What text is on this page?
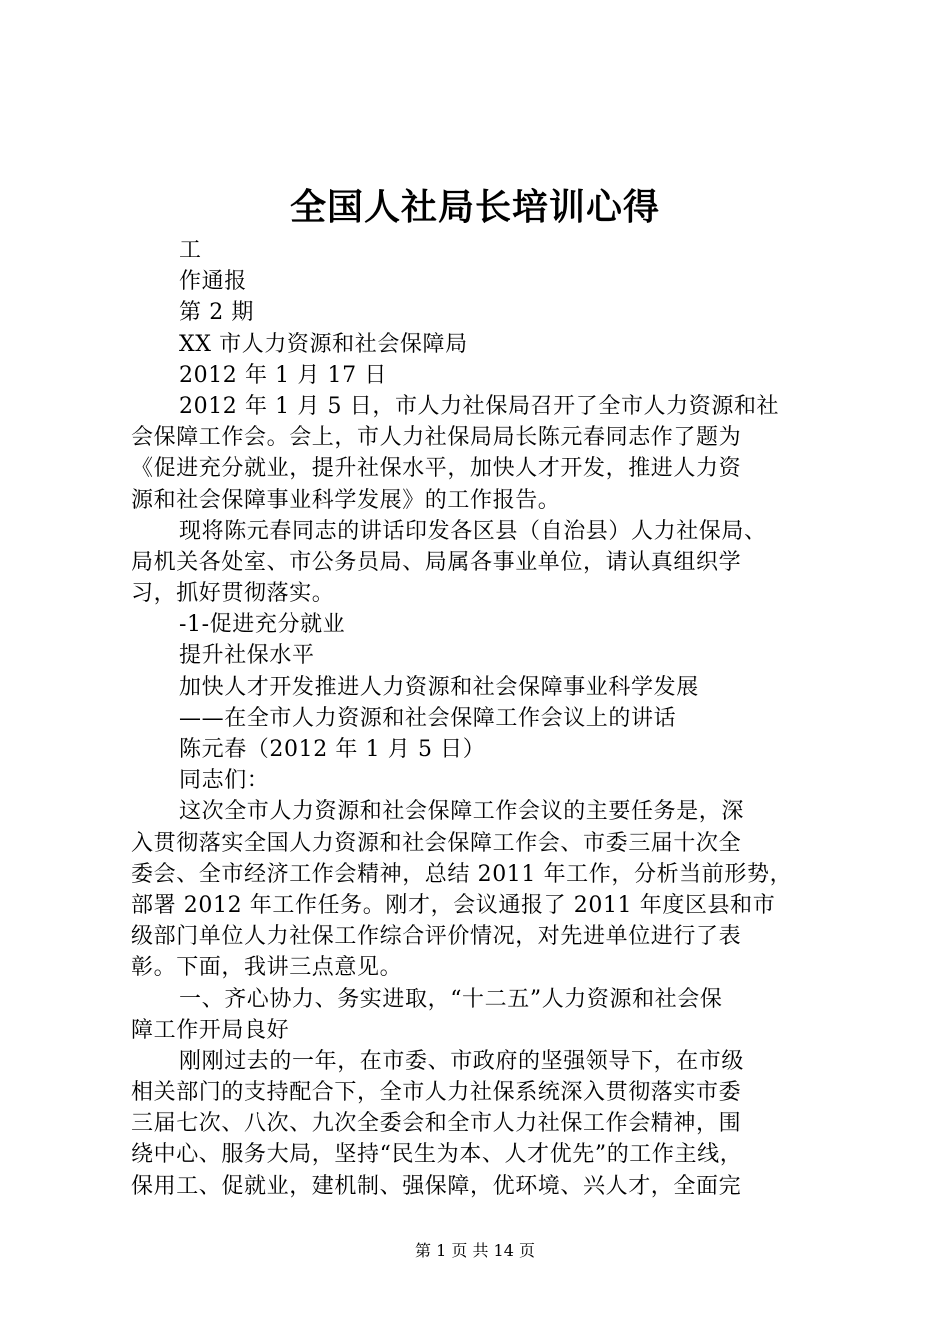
全国人社局长培训心得
工
作通报
第 2 期
XX 市人力资源和社会保障局
2012 年 1 月 17 日
2012 年 1 月 5 日，市人力社保局召开了全市人力资源和社
会保障工作会。会上，市人力社保局局长陈元春同志作了题为
《促进充分就业，提升社保水平，加快人才开发，推进人力资
源和社会保障事业科学发展》的工作报告。
现将陈元春同志的讲话印发各区县（自治县）人力社保局、
局机关各处室、市公务员局、局属各事业单位，请认真组织学
习，抓好贯彻落实。
-1-促进充分就业
提升社保水平
加快人才开发推进人力资源和社会保障事业科学发展
——在全市人力资源和社会保障工作会议上的讲话
陈元春（2012 年 1 月 5 日）
同志们：
这次全市人力资源和社会保障工作会议的主要任务是，深
入贯彻落实全国人力资源和社会保障工作会、市委三届十次全
委会、全市经济工作会精神，总结 2011 年工作，分析当前形势，
部署 2012 年工作任务。刚才，会议通报了 2011 年度区县和市
级部门单位人力社保工作综合评价情况，对先进单位进行了表
彰。下面，我讲三点意见。
一、齐心协力、务实进取，“十二五”人力资源和社会保
障工作开局良好
刚刚过去的一年，在市委、市政府的坚强领导下，在市级
相关部门的支持配合下，全市人力社保系统深入贯彻落实市委
三届七次、八次、九次全委会和全市人力社保工作会精神，围
绕中心、服务大局，坚持“民生为本、人才优先”的工作主线，
保用工、促就业，建机制、强保障，优环境、兴人才，全面完
第 1 页 共 14 页
